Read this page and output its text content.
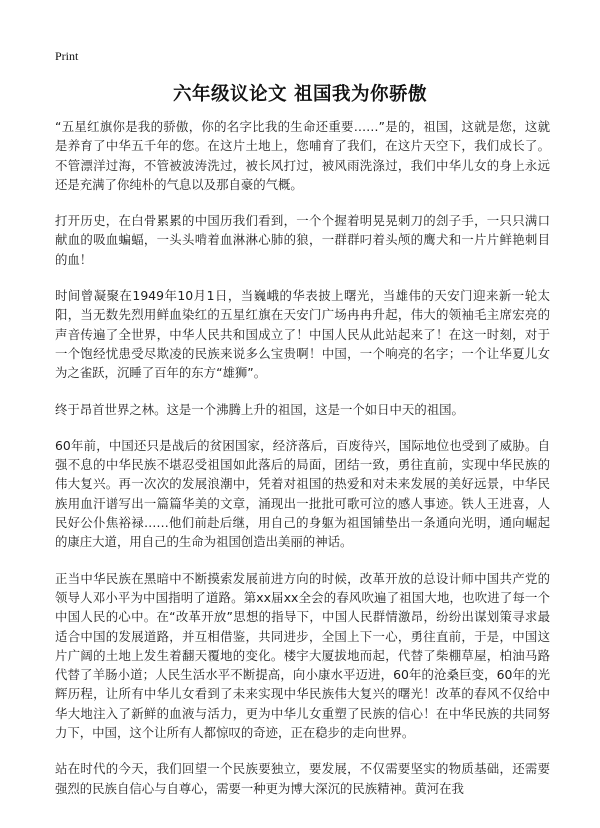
Print
六年级议论文 祖国我为你骄傲

“五星红旗你是我的骄傲，你的名字比我的生命还重要……”是的，祖国，这就是您，这就是养育了中华五千年的您。在这片土地上，您哺育了我们，在这片天空下，我们成长了。不管漂洋过海，不管被波涛洗过，被长风打过，被风雨洗涤过，我们中华儿女的身上永远还是充满了你纯朴的气息以及那自豪的气概。

打开历史，在白骨累累的中国历我们看到，一个个握着明晃晃刺刀的刽子手，一只只满口献血的吸血蝙蝠，一头头啃着血淋淋心肺的狼，一群群叼着头颅的鹰犬和一片片鲜艳刺目的血！

时间曾凝聚在1949年10月1日，当巍峨的华表披上曙光，当雄伟的天安门迎来新一轮太阳，当无数先烈用鲜血染红的五星红旗在天安门广场冉冉升起，伟大的领袖毛主席宏亮的声音传遍了全世界，中华人民共和国成立了！中国人民从此站起来了！在这一时刻，对于一个饱经忧患受尽欺凌的民族来说多么宝贵啊！中国，一个响亮的名字；一个让华夏儿女为之雀跃，沉睡了百年的东方“雄狮”。

终于昂首世界之林。这是一个沸腾上升的祖国，这是一个如日中天的祖国。

60年前，中国还只是战后的贫困国家，经济落后，百废待兴，国际地位也受到了威胁。自强不息的中华民族不堪忍受祖国如此落后的局面，团结一致，勇往直前，实现中华民族的伟大复兴。再一次次的发展浪潮中，凭着对祖国的热爱和对未来发展的美好远景，中华民族用血汗谱写出一篇篇华美的文章，涌现出一批批可歌可泣的感人事迹。铁人王进喜，人民好公仆焦裕禄……他们前赴后继，用自己的身躯为祖国铺垫出一条通向光明，通向崛起的康庄大道，用自己的生命为祖国创造出美丽的神话。

正当中华民族在黑暗中不断摸索发展前进方向的时候，改革开放的总设计师中国共产党的领导人邓小平为中国指明了道路。第xx届xx全会的春风吹遍了祖国大地，也吹进了每一个中国人民的心中。在“改革开放”思想的指导下，中国人民群情激昂，纷纷出谋划策寻求最适合中国的发展道路，并互相借鉴，共同进步，全国上下一心，勇往直前，于是，中国这片广阔的土地上发生着翻天覆地的变化。楼宇大厦拔地而起，代替了柴棚草屋，柏油马路代替了羊肠小道；人民生活水平不断提高，向小康水平迈进，60年的沧桑巨变，60年的光辉历程，让所有中华儿女看到了未来实现中华民族伟大复兴的曙光！改革的春风不仅给中华大地注入了新鲜的血液与活力，更为中华儿女重塑了民族的信心！在中华民族的共同努力下，中国，这个让所有人都惊叹的奇迹，正在稳步的走向世界。

站在时代的今天，我们回望一个民族要独立，要发展，不仅需要坚实的物质基础，还需要强烈的民族自信心与自尊心，需要一种更为博大深沉的民族精神。黄河在我
